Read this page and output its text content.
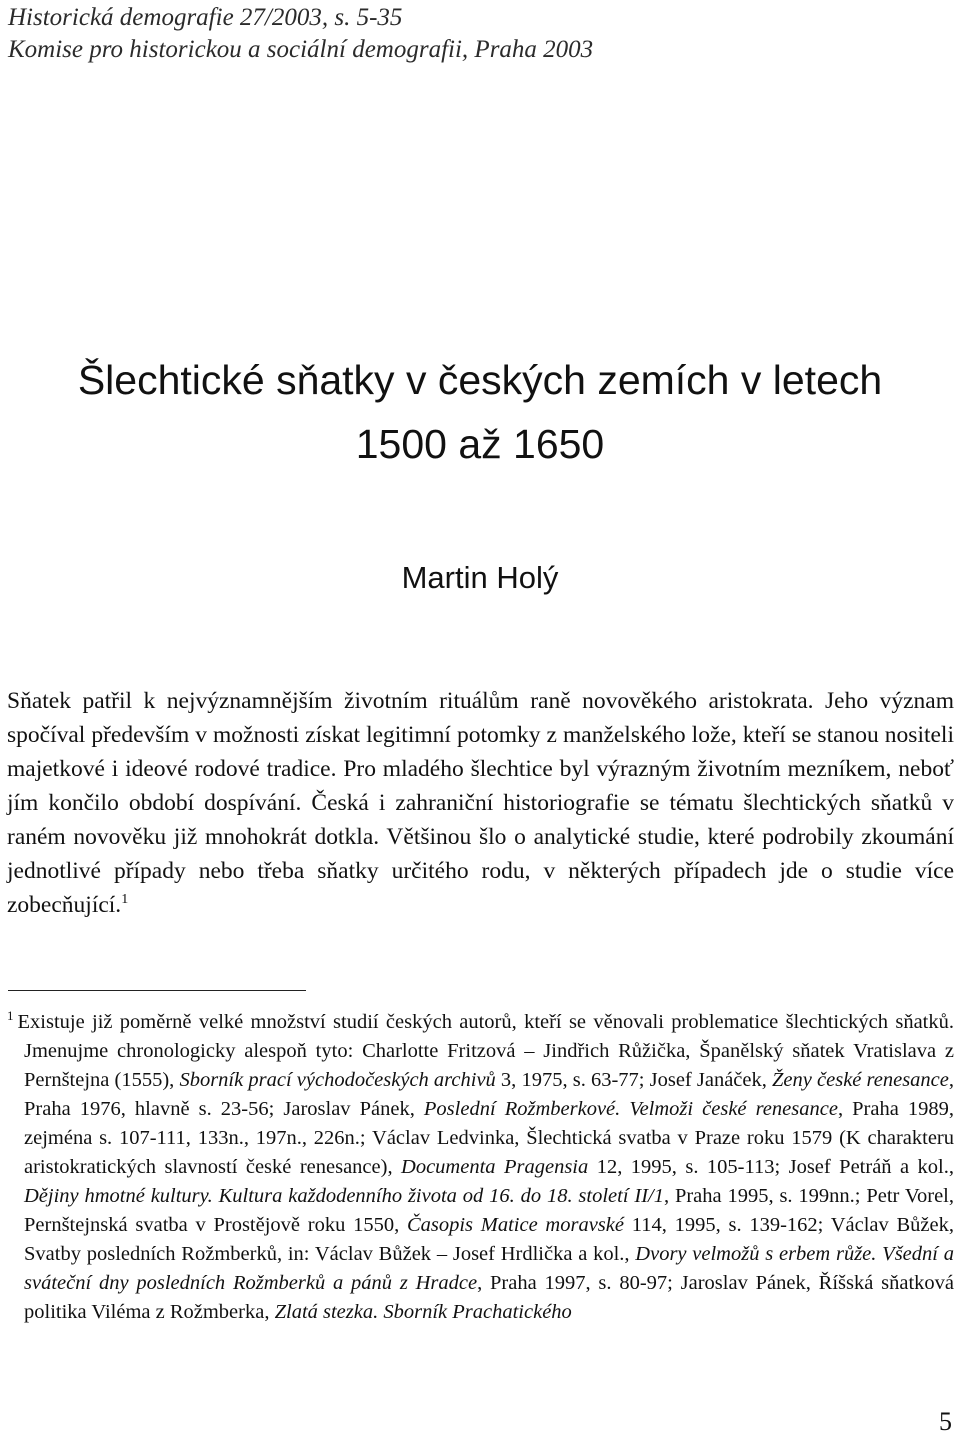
Historická demografie 27/2003, s. 5-35
Komise pro historickou a sociální demografii, Praha 2003
Šlechtické sňatky v českých zemích v letech
1500 až 1650
Martin Holý
Sňatek patřil k nejvýznamnějším životním rituálům raně novověkého aristokrata. Jeho význam spočíval především v možnosti získat legitimní potomky z manželského lože, kteří se stanou nositeli majetkové i ideové rodové tradice. Pro mladého šlechtice byl výrazným životním mezníkem, neboť jím končilo období dospívání. Česká i zahraniční historiografie se tématu šlechtických sňatků v raném novověku již mnohokrát dotkla. Většinou šlo o analytické studie, které podrobily zkoumání jednotlivé případy nebo třeba sňatky určitého rodu, v některých případech jde o studie více zobecňující.$^1$
$^1$ Existuje již poměrně velké množství studií českých autorů, kteří se věnovali problematice šlechtických sňatků. Jmenujme chronologicky alespoň tyto: Charlotte Fritzová – Jindřich Růžička, Španělský sňatek Vratislava z Pernštejna (1555), Sborník prací východočeských archivů 3, 1975, s. 63-77; Josef Janáček, Ženy české renesance, Praha 1976, hlavně s. 23-56; Jaroslav Pánek, Poslední Rožmberkové. Velmoži české renesance, Praha 1989, zejména s. 107-111, 133n., 197n., 226n.; Václav Ledvinka, Šlechtická svatba v Praze roku 1579 (K charakteru aristokratických slavností české renesance), Documenta Pragensia 12, 1995, s. 105-113; Josef Petráň a kol., Dějiny hmotné kultury. Kultura každodenního života od 16. do 18. století II/1, Praha 1995, s. 199nn.; Petr Vorel, Pernštejnská svatba v Prostějově roku 1550, Časopis Matice moravské 114, 1995, s. 139-162; Václav Bůžek, Svatby posledních Rožmberků, in: Václav Bůžek – Josef Hrdlička a kol., Dvory velmožů s erbem růže. Všední a sváteční dny posledních Rožmberků a pánů z Hradce, Praha 1997, s. 80-97; Jaroslav Pánek, Říšská sňatková politika Viléma z Rožmberka, Zlatá stezka. Sborník Prachatického
5
